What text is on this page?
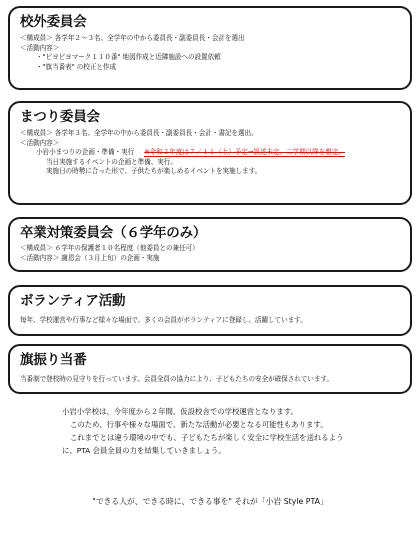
校外委員会
＜構成員＞ 各学年２～３名、全学年の中から委員長・副委員長・会計を選出
＜活動内容＞
・"ピヨピヨマーク１１０番" 地図作成と近隣施設への設置依頼
・"旗当番表" の校正と作成
まつり委員会
＜構成員＞ 各学年３名、全学年の中から委員長・副委員長・会計・書記を選出。
＜活動内容＞
小岩小まつりの企画・準備・実行 ※令和２年度は７／１１（土）予定→誤述未定。二学期以降を想定。
当日実施するイベントの企画と準備、実行。
実施日の時勢に合った形で、子供たちが楽しめるイベントを実施します。
卒業対策委員会（６学年のみ）
＜構成員＞ ６学年の保護者１０名程度（他委員との兼任可）
＜活動内容＞ 謝恩会（３月上旬）の企画・実施
ボランティア活動
毎年、学校運営や行事など様々な場面で、多くの会員がボランティアに登録し、活躍しています。
旗振り当番
当番制で登校時の見守りを行っています。会員全員の協力により、子どもたちの安全が確保されています。
小岩小学校は、今年度から２年間、仮設校舎での学校運営となります。
このため、行事や様々な場面で、新たな活動が必要となる可能性もあります。
これまでとは違う環境の中でも、子どもたちが楽しく安全に学校生活を送れるよう
に、PTA 会員全員の力を結集していきましょう。
"できる人が、できる時に、できる事を" それが「小岩 Style PTA」
